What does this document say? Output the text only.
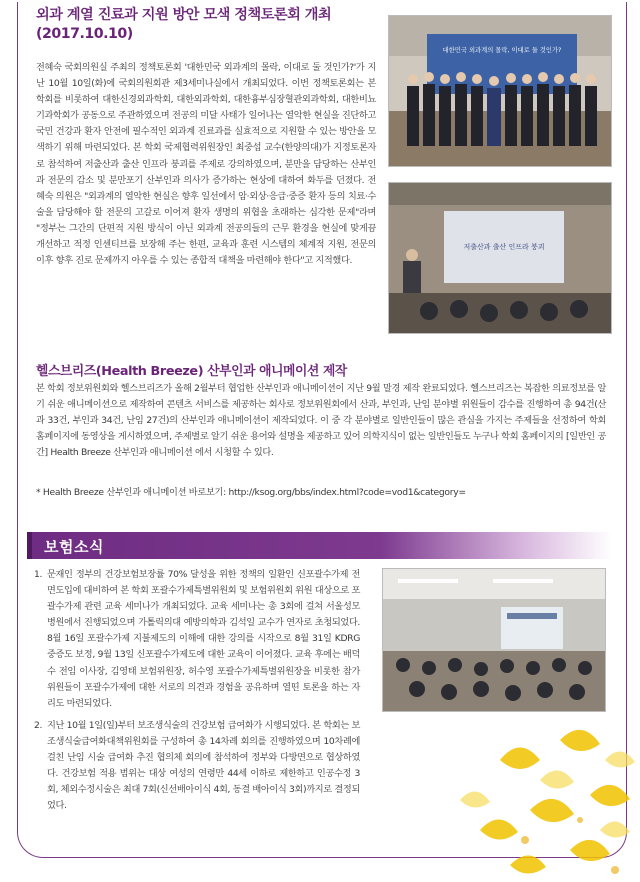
외과 계열 진료과 지원 방안 모색 정책토론회 개최 (2017.10.10)
전혜숙 국회의원실 주최의 정책토론회 '대한민국 외과계의 몰락, 이대로 둘 것인가?'가 지난 10월 10일(화)에 국회의원회관 제3세미나실에서 개최되었다. 이번 정책토론회는 본 학회를 비롯하여 대한신경외과학회, 대한외과학회, 대한흉부심장혈관외과학회, 대한비뇨기과학회가 공동으로 주관하였으며 전공의 미달 사태가 일어나는 열악한 현실을 진단하고 국민 건강과 환자 안전에 필수적인 외과계 진료과를 실효적으로 지원할 수 있는 방안을 모색하기 위해 마련되었다. 본 학회 국제협력위원장인 최중섭 교수(한양의대)가 지정토론자로 참석하여 저출산과 출산 인프라 붕괴를 주제로 강의하였으며, 분만을 담당하는 산부인과 전문의 감소 및 분만포기 산부인과 의사가 증가하는 현상에 대하여 화두를 던졌다. 전혜숙 의원은 "외과계의 열악한 현실은 향후 일선에서 암·외상·응급·중증 환자 등의 치료·수술을 담당해야 할 전문의 고갈로 이어져 환자 생명의 위협을 초래하는 심각한 문제"라며 "정부는 그간의 단편적 지원 방식이 아닌 외과계 전공의들의 근무 환경을 현실에 맞게끔 개선하고 적정 인센티브를 보장해 주는 한편, 교육과 훈련 시스템의 체계적 지원, 전문의 이후 향후 진로 문제까지 아우를 수 있는 종합적 대책을 마련해야 한다"고 지적했다.
대한민국 외과계의 몰락, 이대로 둘 것인가?
저출산과 출산 인프라 붕괴
헬스브리즈(Health Breeze) 산부인과 애니메이션 제작
본 학회 정보위원회와 헬스브리즈가 올해 2월부터 협업한 산부인과 애니메이션이 지난 9월 말경 제작 완료되었다. 헬스브리즈는 복잡한 의료정보를 알기 쉬운 애니메이션으로 제작하여 콘텐츠 서비스를 제공하는 회사로 정보위원회에서 산과, 부인과, 난임 분야별 위원들이 감수를 진행하여 총 94건(산과 33건, 부인과 34건, 난임 27건)의 산부인과 애니메이션이 제작되었다. 이 중 각 분야별로 일반인들이 많은 관심을 가지는 주제들을 선정하여 학회 홈페이지에 동영상을 게시하였으며, 주제별로 알기 쉬운 용어와 설명을 제공하고 있어 의학지식이 없는 일반인들도 누구나 학회 홈페이지의 [일반인 공간] Health Breeze 산부인과 애니메이션 에서 시청할 수 있다.
* Health Breeze 산부인과 애니메이션 바로보기: http://ksog.org/bbs/index.html?code=vod1&category=
보험소식
1. 문재인 정부의 건강보험보장률 70% 달성을 위한 정책의 일환인 신포괄수가제 전면도입에 대비하여 본 학회 포괄수가제특별위원회 및 보험위원회 위원 대상으로 포괄수가제 관련 교육 세미나가 개최되었다. 교육 세미나는 총 3회에 걸쳐 서울성모병원에서 진행되었으며 가톨릭의대 예방의학과 김석일 교수가 연자로 초청되었다. 8월 16일 포괄수가제 지불제도의 이해에 대한 강의를 시작으로 8월 31일 KDRG 중증도 보정, 9월 13일 신포괄수가제도에 대한 교육이 이어졌다. 교육 후에는 배덕수 전임 이사장, 김영태 보험위원장, 허수영 포괄수가제특별위원장을 비롯한 참가 위원들이 포괄수가제에 대한 서로의 의견과 경험을 공유하며 열띤 토론을 하는 자리도 마련되었다.
2. 지난 10월 1일(일)부터 보조생식술의 건강보험 급여화가 시행되었다. 본 학회는 보조생식술급여화대책위원회를 구성하여 총 14차례 회의를 진행하였으며 10차례에 걸친 난임 시술 급여화 추진 협의체 회의에 참석하여 정부와 다방면으로 협상하였다. 건강보험 적용 범위는 대상 여성의 연령만 44세 이하로 제한하고 인공수정 3회, 체외수정시술은 최대 7회(신선배아이식 4회, 동결 배아이식 3회)까지로 결정되었다.
